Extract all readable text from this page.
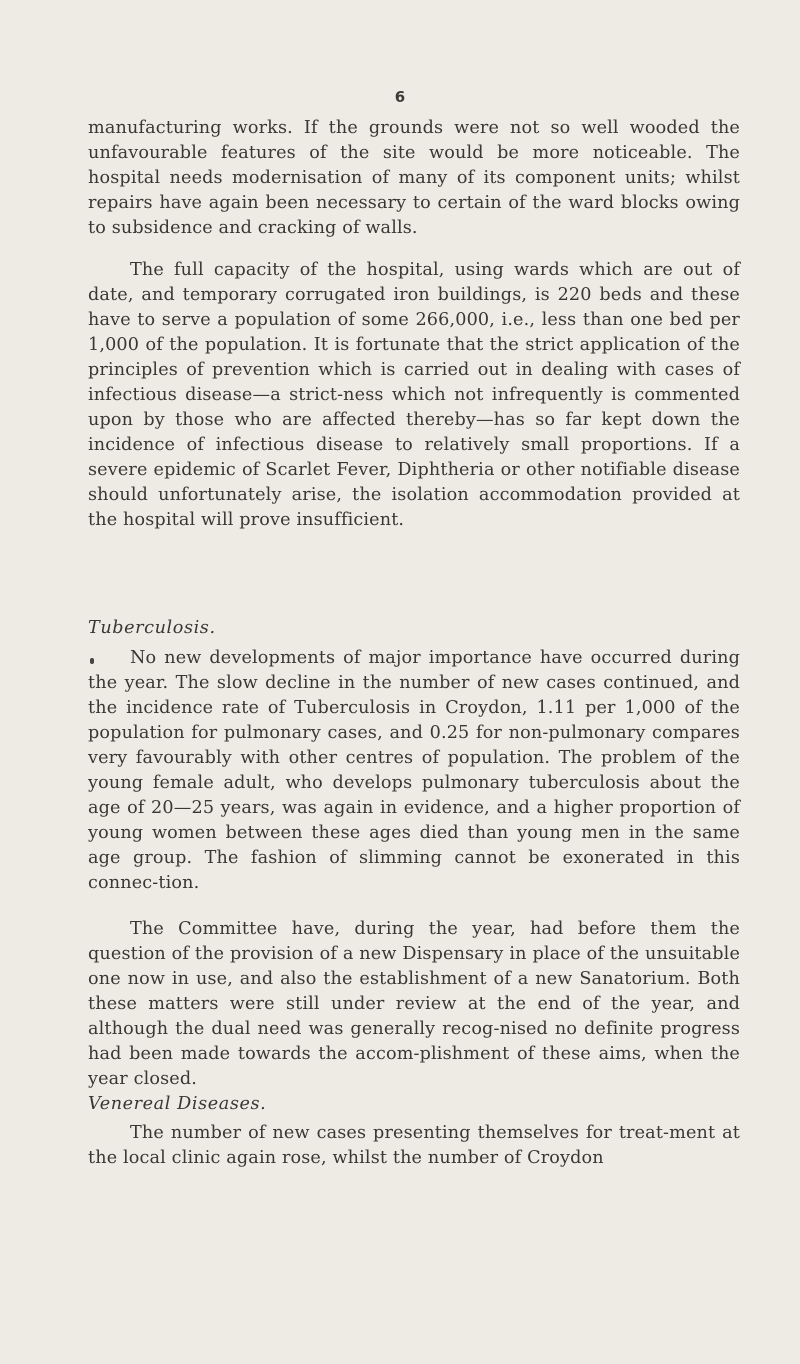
6

manufacturing works. If the grounds were not so well wooded the unfavourable features of the site would be more noticeable. The hospital needs modernisation of many of its component units; whilst repairs have again been necessary to certain of the ward blocks owing to subsidence and cracking of walls.

The full capacity of the hospital, using wards which are out of date, and temporary corrugated iron buildings, is 220 beds and these have to serve a population of some 266,000, i.e., less than one bed per 1,000 of the population. It is fortunate that the strict application of the principles of prevention which is carried out in dealing with cases of infectious disease—a strict-ness which not infrequently is commented upon by those who are affected thereby—has so far kept down the incidence of infectious disease to relatively small proportions. If a severe epidemic of Scarlet Fever, Diphtheria or other notifiable disease should unfortunately arise, the isolation accommodation provided at the hospital will prove insufficient.

Tuberculosis.

No new developments of major importance have occurred during the year. The slow decline in the number of new cases continued, and the incidence rate of Tuberculosis in Croydon, 1.11 per 1,000 of the population for pulmonary cases, and 0.25 for non-pulmonary compares very favourably with other centres of population. The problem of the young female adult, who develops pulmonary tuberculosis about the age of 20—25 years, was again in evidence, and a higher proportion of young women between these ages died than young men in the same age group. The fashion of slimming cannot be exonerated in this connec-tion.

The Committee have, during the year, had before them the question of the provision of a new Dispensary in place of the unsuitable one now in use, and also the establishment of a new Sanatorium. Both these matters were still under review at the end of the year, and although the dual need was generally recog-nised no definite progress had been made towards the accom-plishment of these aims, when the year closed.

Venereal Diseases.

The number of new cases presenting themselves for treat-ment at the local clinic again rose, whilst the number of Croydon
